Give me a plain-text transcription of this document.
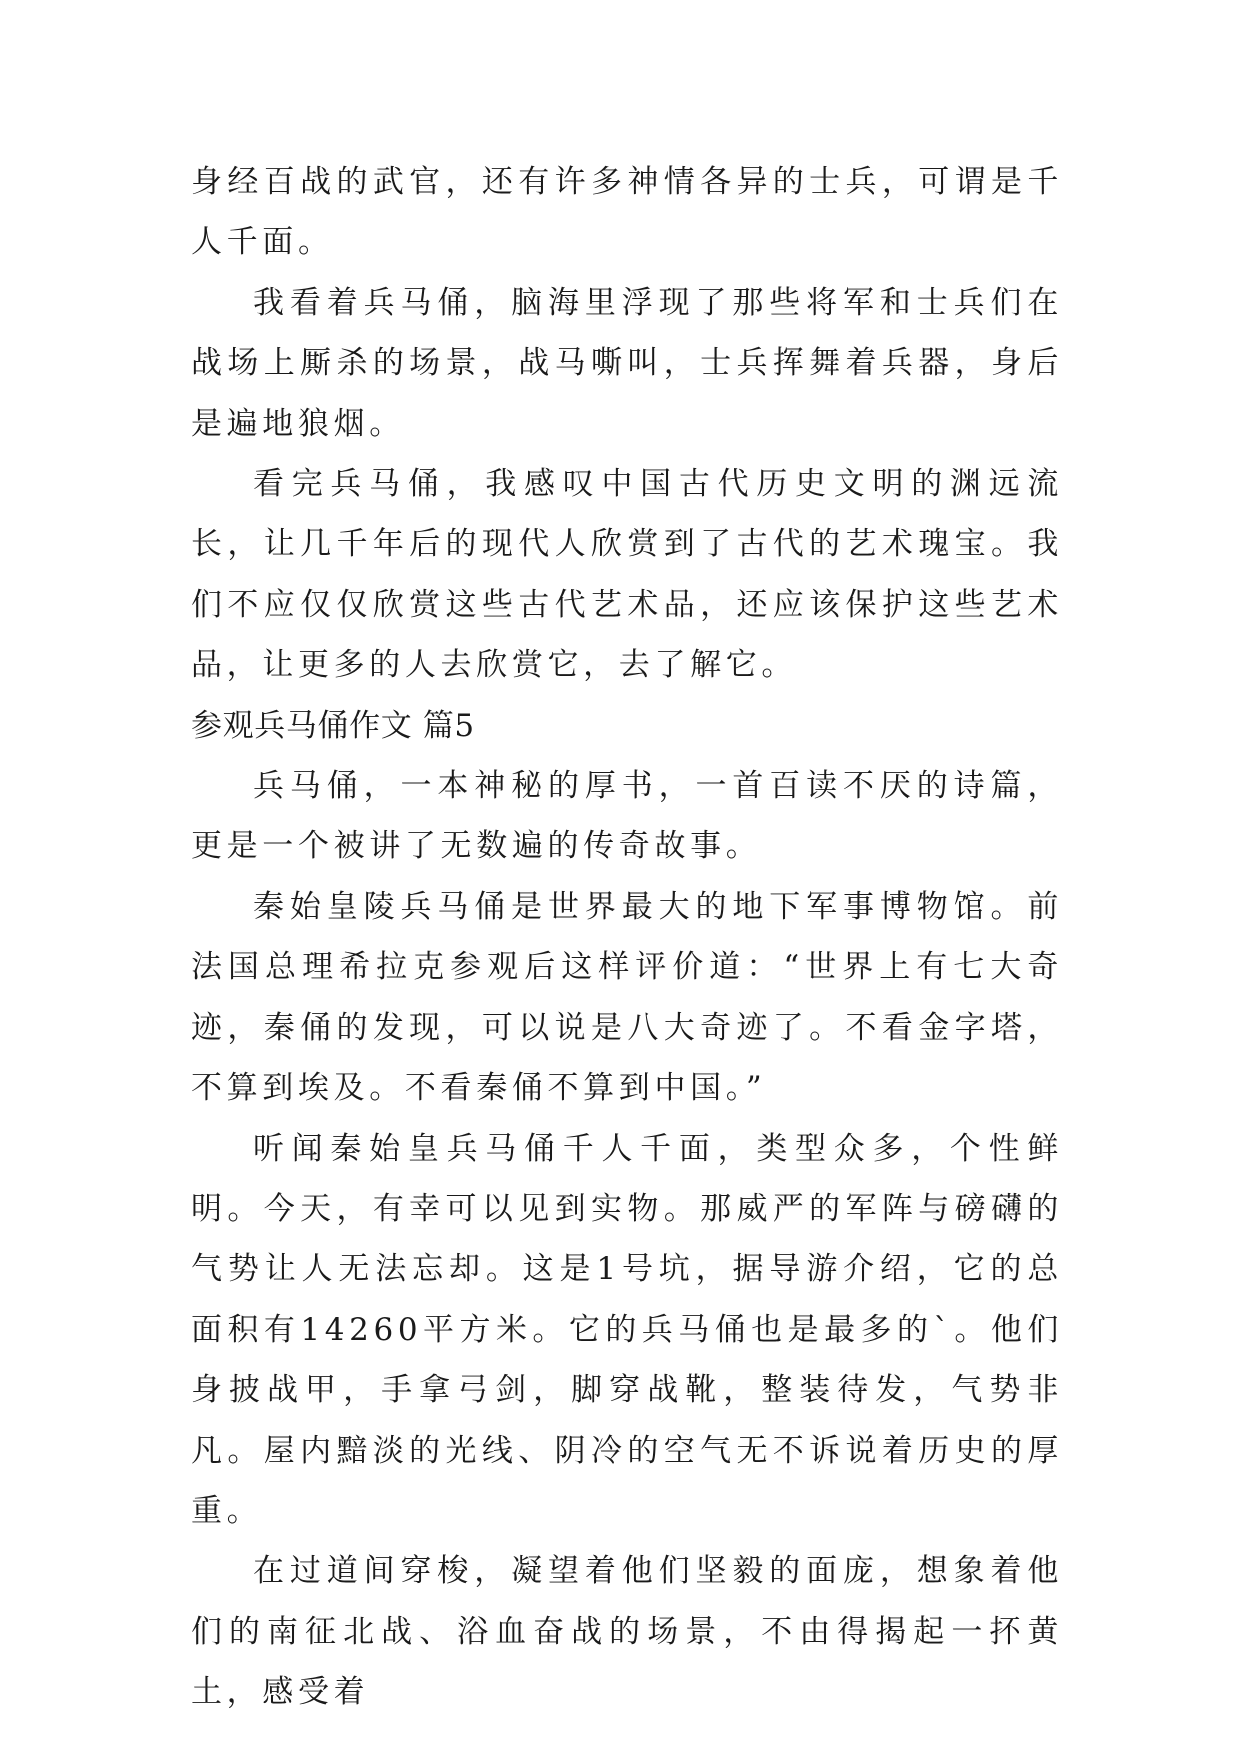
身经百战的武官，还有许多神情各异的士兵，可谓是千人千面。

我看着兵马俑，脑海里浮现了那些将军和士兵们在战场上厮杀的场景，战马嘶叫，士兵挥舞着兵器，身后是遍地狼烟。

看完兵马俑，我感叹中国古代历史文明的渊远流长，让几千年后的现代人欣赏到了古代的艺术瑰宝。我们不应仅仅欣赏这些古代艺术品，还应该保护这些艺术品，让更多的人去欣赏它，去了解它。

参观兵马俑作文 篇5

兵马俑，一本神秘的厚书，一首百读不厌的诗篇，更是一个被讲了无数遍的传奇故事。

秦始皇陵兵马俑是世界最大的地下军事博物馆。前法国总理希拉克参观后这样评价道：“世界上有七大奇迹，秦俑的发现，可以说是八大奇迹了。不看金字塔，不算到埃及。不看秦俑不算到中国。”

听闻秦始皇兵马俑千人千面，类型众多，个性鲜明。今天，有幸可以见到实物。那威严的军阵与磅礴的气势让人无法忘却。这是1号坑，据导游介绍，它的总面积有14260平方米。它的兵马俑也是最多的`。他们身披战甲，手拿弓剑，脚穿战靴，整装待发，气势非凡。屋内黯淡的光线、阴冷的空气无不诉说着历史的厚重。

在过道间穿梭，凝望着他们坚毅的面庞，想象着他们的南征北战、浴血奋战的场景，不由得揭起一抔黄土，感受着
